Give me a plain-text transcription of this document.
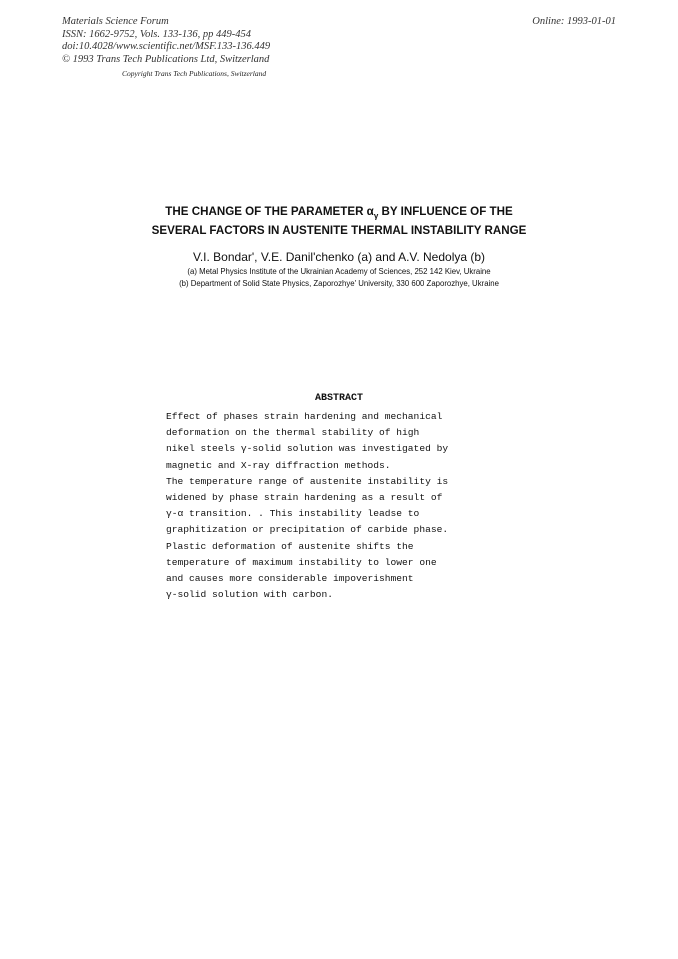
Materials Science Forum
ISSN: 1662-9752, Vols. 133-136, pp 449-454
doi:10.4028/www.scientific.net/MSF.133-136.449
© 1993 Trans Tech Publications Ltd, Switzerland
Online: 1993-01-01
Copyright Trans Tech Publications, Switzerland
THE CHANGE OF THE PARAMETER $\alpha_\gamma$ BY INFLUENCE OF THE
SEVERAL FACTORS IN AUSTENITE THERMAL INSTABILITY RANGE
V.I. Bondar', V.E. Danil'chenko (a) and A.V. Nedolya (b)
(a) Metal Physics Institute of the Ukrainian Academy of Sciences, 252 142 Kiev, Ukraine
(b) Department of Solid State Physics, Zaporozhye' University, 330 600 Zaporozhye, Ukraine
ABSTRACT
Effect of phases strain hardening and mechanical
deformation on the thermal stability of high
nikel steels γ-solid solution was investigated by
magnetic and X-ray diffraction methods.
The temperature range of austenite instability is
widened by phase strain hardening as a result of
γ-α transition. . This instability leadse to
graphitization or precipitation of carbide phase.
Plastic deformation of austenite shifts the
temperature of maximum instability to lower one
and causes more considerable impoverishment
γ-solid solution with carbon.
